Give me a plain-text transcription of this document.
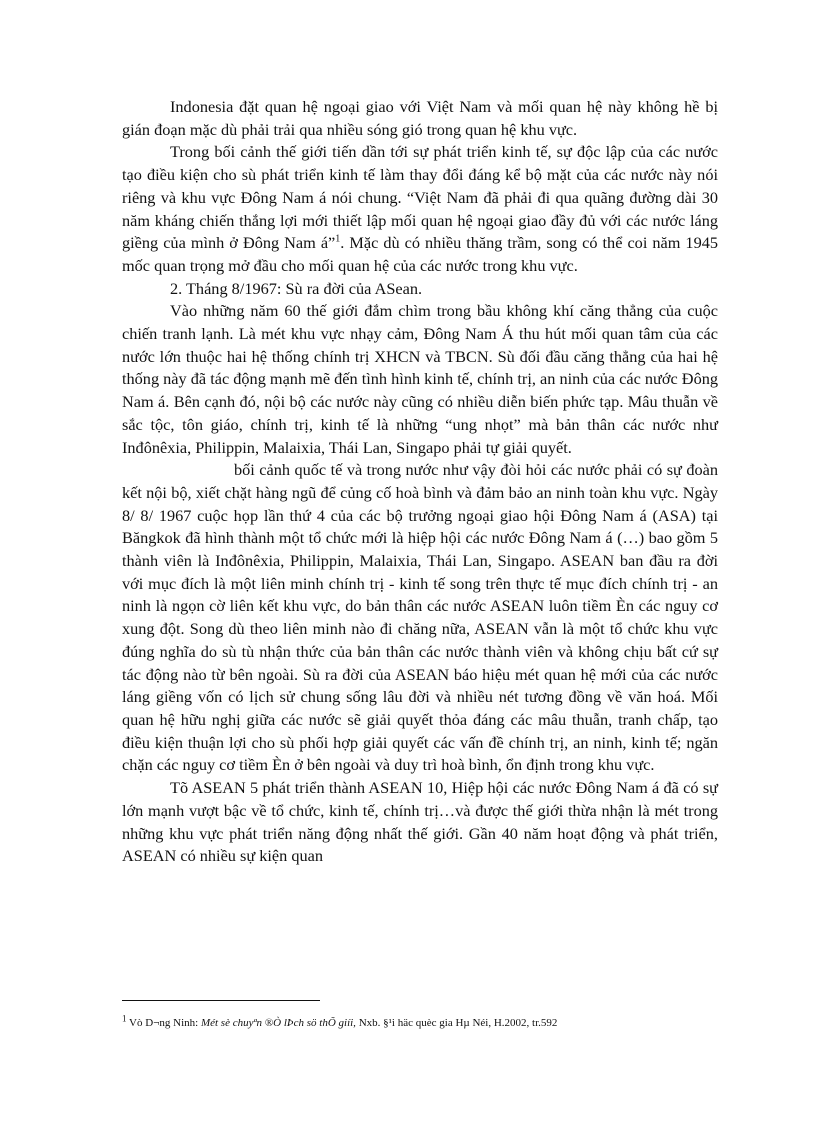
Indonesia đặt quan hệ ngoại giao với Việt Nam và mối quan hệ này không hề bị gián đoạn mặc dù phải trải qua nhiều sóng gió trong quan hệ khu vực.

Trong bối cảnh thế giới tiến dần tới sự phát triển kinh tế, sự độc lập của các nước tạo điều kiện cho sù phát triển kinh tế làm thay đổi đáng kể bộ mặt của các nước này nói riêng và khu vực Đông Nam á nói chung. “Việt Nam đã phải đi qua quãng đường dài 30 năm kháng chiến thắng lợi mới thiết lập mối quan hệ ngoại giao đầy đủ với các nước láng giềng của mình ở Đông Nam á”$^1$. Mặc dù có nhiều thăng trầm, song có thể coi năm 1945 mốc quan trọng mở đầu cho mối quan hệ của các nước trong khu vực.

2. Tháng 8/1967: Sù ra đời của ASean.

Vào những năm 60 thế giới đắm chìm trong bầu không khí căng thẳng của cuộc chiến tranh lạnh. Là mét khu vực nhạy cảm, Đông Nam Á thu hút mối quan tâm của các nước lớn thuộc hai hệ thống chính trị XHCN và TBCN. Sù đối đầu căng thẳng của hai hệ thống này đã tác động mạnh mẽ đến tình hình kinh tế, chính trị, an ninh của các nước Đông Nam á. Bên cạnh đó, nội bộ các nước này cũng có nhiều diễn biến phức tạp. Mâu thuẫn về sắc tộc, tôn giáo, chính trị, kinh tế là những “ung nhọt” mà bản thân các nước như Inđônêxia, Philippin, Malaixia, Thái Lan, Singapo phải tự giải quyết.

bối cảnh quốc tế và trong nước như vậy đòi hỏi các nước phải có sự đoàn kết nội bộ, xiết chặt hàng ngũ để củng cố hoà bình và đảm bảo an ninh toàn khu vực. Ngày 8/ 8/ 1967 cuộc họp lần thứ 4 của các bộ trưởng ngoại giao hội Đông Nam á (ASA) tại Băngkok đã hình thành một tổ chức mới là hiệp hội các nước Đông Nam á (…) bao gồm 5 thành viên là Inđônêxia, Philippin, Malaixia, Thái Lan, Singapo. ASEAN ban đầu ra đời với mục đích là một liên minh chính trị - kinh tế song trên thực tế mục đích chính trị - an ninh là ngọn cờ liên kết khu vực, do bản thân các nước ASEAN luôn tiềm Èn các nguy cơ xung đột. Song dù theo liên minh nào đi chăng nữa, ASEAN vẫn là một tổ chức khu vực đúng nghĩa do sù tù nhận thức của bản thân các nước thành viên và không chịu bất cứ sự tác động nào từ bên ngoài. Sù ra đời của ASEAN báo hiệu mét quan hệ mới của các nước láng giềng vốn có lịch sử chung sống lâu đời và nhiều nét tương đồng về văn hoá. Mối quan hệ hữu nghị giữa các nước sẽ giải quyết thỏa đáng các mâu thuẫn, tranh chấp, tạo điều kiện thuận lợi cho sù phối hợp giải quyết các vấn đề chính trị, an ninh, kinh tế; ngăn chặn các nguy cơ tiềm Èn ở bên ngoài và duy trì hoà bình, ổn định trong khu vực.

Tõ ASEAN 5 phát triển thành ASEAN 10, Hiệp hội các nước Đông Nam á đã có sự lớn mạnh vượt bậc về tổ chức, kinh tế, chính trị…và được thế giới thừa nhận là mét trong những khu vực phát triển năng động nhất thế giới. Gần 40 năm hoạt động và phát triển, ASEAN có nhiều sự kiện quan

$^1$ Vò D¬ng Ninh: Mét sè chuyªn ®Ò lÞch sö thÕ giíi, Nxb. §¹i häc quèc gia Hµ Néi, H.2002, tr.592
